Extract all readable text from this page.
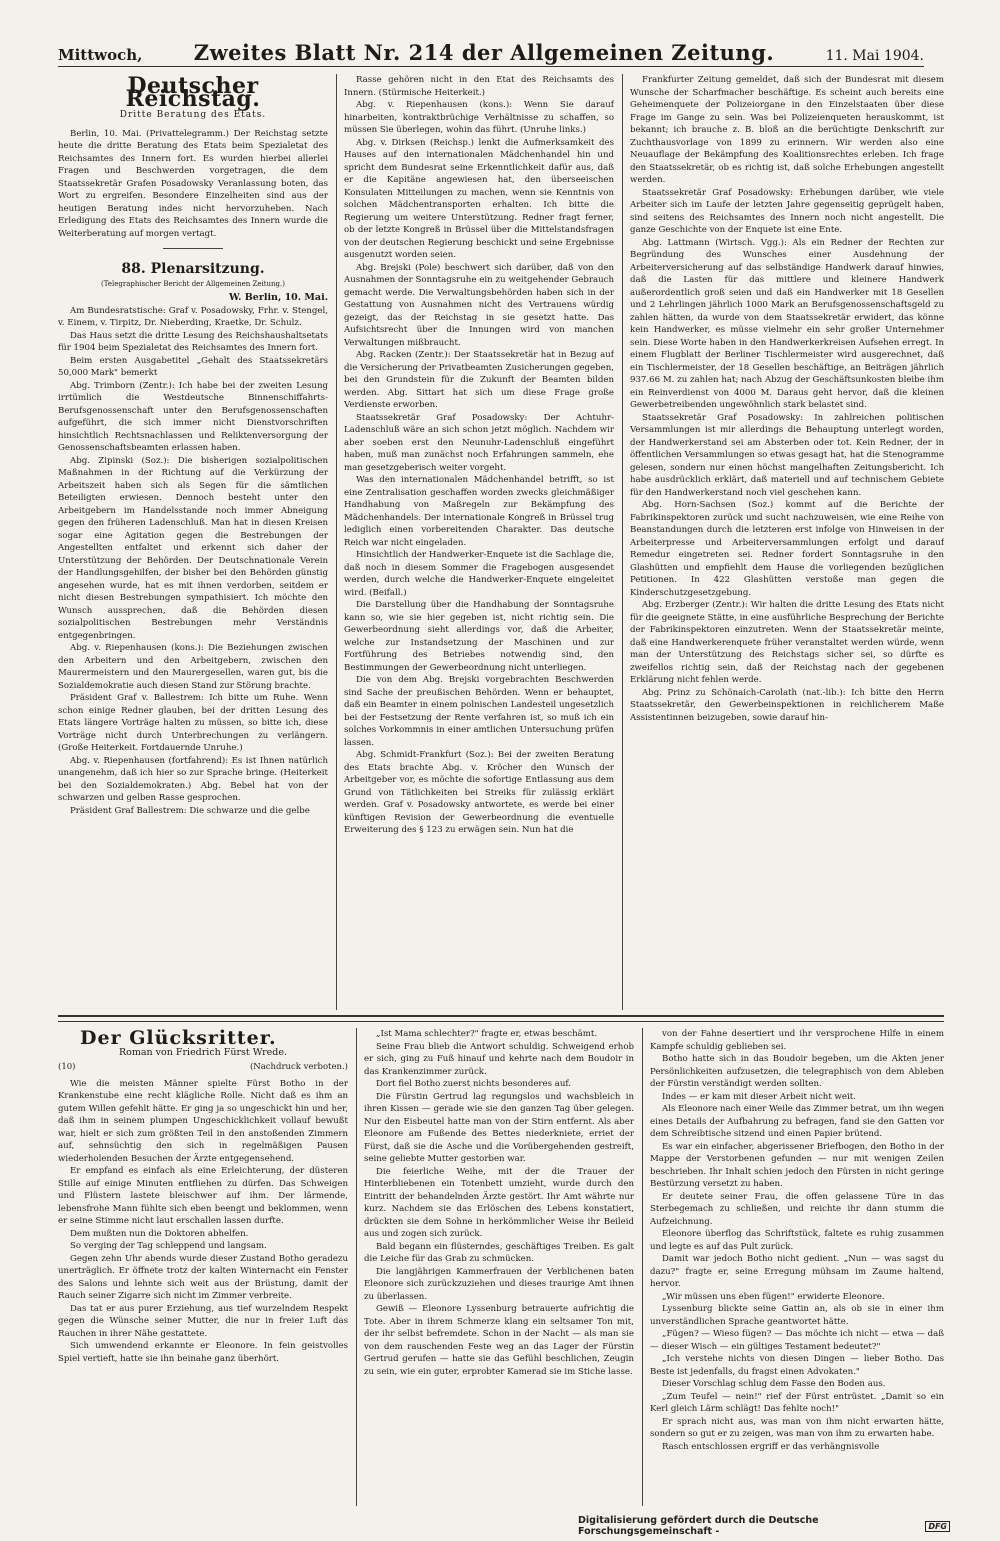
Mittwoch, Zweites Blatt Nr. 214 der Allgemeinen Zeitung.	11. Mai 1904.
Deutscher Reichstag.
Dritte Beratung des Etats.

Berlin, 10. Mai. (Privattelegramm.) Der Reichstag setzte heute die dritte Beratung des Etats beim Spezialetat des Reichsamtes des Innern fort. Es wurden hierbei allerlei Fragen und Beschwerden vorgetragen, die dem Staatssekretär Grafen Posadowsky Veranlassung boten, das Wort zu ergreifen. Besondere Einzelheiten sind aus der heutigen Beratung indes nicht hervorzuheben. Nach Erledigung des Etats des Reichsamtes des Innern wurde die Weiterberatung auf morgen vertagt.

88. Plenarsitzung.
(Telegraphischer Bericht der Allgemeinen Zeitung.)
W. Berlin, 10. Mai.

Am Bundesratstische: Graf v. Posadowsky, Frhr. v. Stengel, v. Einem, v. Tirpitz, Dr. Nieberding, Kraetke, Dr. Schulz.

Das Haus setzt die dritte Lesung des Reichshaushaltsetats für 1904 beim Spezialetat des Reichsamtes des Innern fort.

Beim ersten Ausgabetitel „Gehalt des Staatssekretärs 50,000 Mark" bemerkt

Abg. Trimborn (Zentr.): Ich habe bei der zweiten Lesung irrtümlich die Westdeutsche Binnenschiffahrts-Berufsgenossenschaft unter den Berufsgenossenschaften aufgeführt, die sich immer nicht Dienstvorschriften hinsichtlich Rechtsnachlassen und Reliktenversorgung der Genossenschaftsbeamten erlassen haben.

Abg. Zipinski (Soz.): Die bisherigen sozialpolitischen Maßnahmen in der Richtung auf die Verkürzung der Arbeitszeit haben sich als Segen für die sämtlichen Beteiligten erwiesen. Dennoch besteht unter den Arbeitgebern im Handelsstande noch immer Abneigung gegen den früheren Ladenschluß. Man hat in diesen Kreisen sogar eine Agitation gegen die Bestrebungen der Angestellten entfaltet und erkennt sich daher der Unterstützung der Behörden. Der Deutschnationale Verein der Handlungsgehilfen, der bisher bei den Behörden günstig angesehen wurde, hat es mit ihnen verdorben, seitdem er nicht diesen Bestrebungen sympathisiert. Ich möchte den Wunsch aussprechen, daß die Behörden diesen sozialpolitischen Bestrebungen mehr Verständnis entgegenbringen.

Abg. v. Riepenhausen (kons.): Die Beziehungen zwischen den Arbeitern und den Arbeitgebern, zwischen den Maurermeistern und den Maurergesellen, waren gut, bis die Sozialdemokratie auch diesen Stand zur Störung brachte.

Präsident Graf v. Ballestrem: Ich bitte um Ruhe. Wenn schon einige Redner glauben, bei der dritten Lesung des Etats längere Vorträge halten zu müssen, so bitte ich, diese Vorträge nicht durch Unterbrechungen zu verlängern. (Große Heiterkeit. Fortdauernde Unruhe.)

Abg. v. Riepenhausen (fortfahrend): Es ist Ihnen natürlich unangenehm, daß ich hier so zur Sprache bringe. (Heiterkeit bei den Sozialdemokraten.) Abg. Bebel hat von der schwarzen und gelben Rasse gesprochen.

Präsident Graf Ballestrem: Die schwarze und die gelbe

Rasse gehören nicht in den Etat des Reichsamts des Innern. (Stürmische Heiterkeit.)

Abg. v. Riepenhausen (kons.): Wenn Sie darauf hinarbeiten, kontraktbrüchige Verhältnisse zu schaffen, so müssen Sie überlegen, wohin das führt. (Unruhe links.)

Abg. v. Dirksen (Reichsp.) lenkt die Aufmerksamkeit des Hauses auf den internationalen Mädchenhandel hin und spricht dem Bundesrat seine Erkenntlichkeit dafür aus, daß er die Kapitäne angewiesen hat, den überseeischen Konsulaten Mitteilungen zu machen, wenn sie Kenntnis von solchen Mädchentransporten erhalten. Ich bitte die Regierung um weitere Unterstützung. Redner fragt ferner, ob der letzte Kongreß in Brüssel über die Mittelstandsfragen von der deutschen Regierung beschickt und seine Ergebnisse ausgenutzt worden seien.

Abg. Brejski (Pole) beschwert sich darüber, daß von den Ausnahmen der Sonntagsruhe ein zu weitgehender Gebrauch gemacht werde. Die Verwaltungsbehörden haben sich in der Gestattung von Ausnahmen nicht des Vertrauens würdig gezeigt, das der Reichstag in sie gesetzt hatte. Das Aufsichtsrecht über die Innungen wird von manchen Verwaltungen mißbraucht.

Abg. Racken (Zentr.): Der Staatssekretär hat in Bezug auf die Versicherung der Privatbeamten Zusicherungen gegeben, bei den Grundstein für die Zukunft der Beamten bilden werden. Abg. Sittart hat sich um diese Frage große Verdienste erworben.

Staatssekretär Graf Posadowsky: Der Achtuhr-Ladenschluß wäre an sich schon jetzt möglich. Nachdem wir aber soeben erst den Neunuhr-Ladenschluß eingeführt haben, muß man zunächst noch Erfahrungen sammeln, ehe man gesetzgeberisch weiter vorgeht.

Was den internationalen Mädchenhandel betrifft, so ist eine Zentralisation geschaffen worden zwecks gleichmäßiger Handhabung von Maßregeln zur Bekämpfung des Mädchenhandels. Der internationale Kongreß in Brüssel trug lediglich einen vorbereitenden Charakter. Das deutsche Reich war nicht eingeladen.

Hinsichtlich der Handwerker-Enquete ist die Sachlage die, daß noch in diesem Sommer die Fragebogen ausgesendet werden, durch welche die Handwerker-Enquete eingeleitet wird. (Beifall.)

Die Darstellung über die Handhabung der Sonntagsruhe kann so, wie sie hier gegeben ist, nicht richtig sein. Die Gewerbeordnung sieht allerdings vor, daß die Arbeiter, welche zur Instandsetzung der Maschinen und zur Fortführung des Betriebes notwendig sind, den Bestimmungen der Gewerbeordnung nicht unterliegen.

Die von dem Abg. Brejski vorgebrachten Beschwerden sind Sache der preußischen Behörden. Wenn er behauptet, daß ein Beamter in einem polnischen Landesteil ungesetzlich bei der Festsetzung der Rente verfahren ist, so muß ich ein solches Vorkommnis in einer amtlichen Untersuchung prüfen lassen.

Abg. Schmidt-Frankfurt (Soz.): Bei der zweiten Beratung des Etats brachte Abg. v. Kröcher den Wunsch der Arbeitgeber vor, es möchte die sofortige Entlassung aus dem Grund von Tätlichkeiten bei Streiks für zulässig erklärt werden. Graf v. Posadowsky antwortete, es werde bei einer künftigen Revision der Gewerbeordnung die eventuelle Erweiterung des § 123 zu erwägen sein. Nun hat die

Frankfurter Zeitung gemeldet, daß sich der Bundesrat mit diesem Wunsche der Scharfmacher beschäftige. Es scheint auch bereits eine Geheimenquete der Polizeiorgane in den Einzelstaaten über diese Frage im Gange zu sein. Was bei Polizeienqueten herauskommt, ist bekannt; ich brauche z. B. bloß an die berüchtigte Denkschrift zur Zuchthausvorlage von 1899 zu erinnern. Wir werden also eine Neuauflage der Bekämpfung des Koalitionsrechtes erleben. Ich frage den Staatssekretär, ob es richtig ist, daß solche Erhebungen angestellt werden.

Staatssekretär Graf Posadowsky: Erhebungen darüber, wie viele Arbeiter sich im Laufe der letzten Jahre gegenseitig geprügelt haben, sind seitens des Reichsamtes des Innern noch nicht angestellt. Die ganze Geschichte von der Enquete ist eine Ente.

Abg. Lattmann (Wirtsch. Vgg.): Als ein Redner der Rechten zur Begründung des Wunsches einer Ausdehnung der Arbeiterversicherung auf das selbständige Handwerk darauf hinwies, daß die Lasten für das mittlere und kleinere Handwerk außerordentlich groß seien und daß ein Handwerker mit 18 Gesellen und 2 Lehrlingen jährlich 1000 Mark an Berufsgenossenschaftsgeld zu zahlen hätten, da wurde von dem Staatssekretär erwidert, das könne kein Handwerker, es müsse vielmehr ein sehr großer Unternehmer sein. Diese Worte haben in den Handwerkerkreisen Aufsehen erregt. In einem Flugblatt der Berliner Tischlermeister wird ausgerechnet, daß ein Tischlermeister, der 18 Gesellen beschäftige, an Beiträgen jährlich 937.66 M. zu zahlen hat; nach Abzug der Geschäftsunkosten bleibe ihm ein Reinverdienst von 4000 M. Daraus geht hervor, daß die kleinen Gewerbetreibenden ungewöhnlich stark belastet sind.

Staatssekretär Graf Posadowsky: In zahlreichen politischen Versammlungen ist mir allerdings die Behauptung unterlegt worden, der Handwerkerstand sei am Absterben oder tot. Kein Redner, der in öffentlichen Versammlungen so etwas gesagt hat, hat die Stenogramme gelesen, sondern nur einen höchst mangelhaften Zeitungsbericht. Ich habe ausdrücklich erklärt, daß materiell und auf technischem Gebiete für den Handwerkerstand noch viel geschehen kann.

Abg. Horn-Sachsen (Soz.) kommt auf die Berichte der Fabrikinspektoren zurück und sucht nachzuweisen, wie eine Reihe von Beanstandungen durch die letzteren erst infolge von Hinweisen in der Arbeiterpresse und Arbeiterversammlungen erfolgt und darauf Remedur eingetreten sei. Redner fordert Sonntagsruhe in den Glashütten und empfiehlt dem Hause die vorliegenden bezüglichen Petitionen. In 422 Glashütten verstoße man gegen die Kinderschutzgesetzgebung.

Abg. Erzberger (Zentr.): Wir halten die dritte Lesung des Etats nicht für die geeignete Stätte, in eine ausführliche Besprechung der Berichte der Fabrikinspektoren einzutreten. Wenn der Staatssekretär meinte, daß eine Handwerkerenquete früher veranstaltet werden würde, wenn man der Unterstützung des Reichstags sicher sei, so dürfte es zweifellos richtig sein, daß der Reichstag nach der gegebenen Erklärung nicht fehlen werde.

Abg. Prinz zu Schönaich-Carolath (nat.-lib.): Ich bitte den Herrn Staatssekretär, den Gewerbeinspektionen in reichlicherem Maße Assistentinnen beizugeben, sowie darauf hin-

Der Glücksritter.
Roman von Friedrich Fürst Wrede.
(10)	(Nachdruck verboten.)

Wie die meisten Männer spielte Fürst Botho in der Krankenstube eine recht klägliche Rolle. Nicht daß es ihm an gutem Willen gefehlt hätte. Er ging ja so ungeschickt hin und her, daß ihm in seinem plumpen Ungeschicklichkeit vollauf bewußt war, hielt er sich zum größten Teil in den anstoßenden Zimmern auf, sehnsüchtig den sich in regelmäßigen Pausen wiederholenden Besuchen der Ärzte entgegensehend.

Er empfand es einfach als eine Erleichterung, der düsteren Stille auf einige Minuten entfliehen zu dürfen. Das Schweigen und Flüstern lastete bleischwer auf ihm. Der lärmende, lebensfrohe Mann fühlte sich eben beengt und beklommen, wenn er seine Stimme nicht laut erschallen lassen durfte.

Dem mußten nun die Doktoren abhelfen.

So verging der Tag schleppend und langsam.

Gegen zehn Uhr abends wurde dieser Zustand Botho geradezu unerträglich. Er öffnete trotz der kalten Winternacht ein Fenster des Salons und lehnte sich weit aus der Brüstung, damit der Rauch seiner Zigarre sich nicht im Zimmer verbreite.

Das tat er aus purer Erziehung, aus tief wurzelndem Respekt gegen die Wünsche seiner Mutter, die nur in freier Luft das Rauchen in ihrer Nähe gestattete.

Sich umwendend erkannte er Eleonore. In fein geistvolles Spiel vertieft, hatte sie ihn beinahe ganz überhört.

„Ist Mama schlechter?" fragte er, etwas beschämt.

Seine Frau blieb die Antwort schuldig. Schweigend erhob er sich, ging zu Fuß hinauf und kehrte nach dem Boudoir in das Krankenzimmer zurück.

Dort fiel Botho zuerst nichts besonderes auf.

Die Fürstin Gertrud lag regungslos und wachsbleich in ihren Kissen — gerade wie sie den ganzen Tag über gelegen. Nur den Eisbeutel hatte man von der Stirn entfernt. Als aber Eleonore am Fußende des Bettes niederkniete, erriet der Fürst, daß sie die Asche und die Vorübergehenden gestreift, seine geliebte Mutter gestorben war.

Die feierliche Weihe, mit der die Trauer der Hinterbliebenen ein Totenbett umzieht, wurde durch den Eintritt der behandelnden Ärzte gestört. Ihr Amt währte nur kurz. Nachdem sie das Erlöschen des Lebens konstatiert, drückten sie dem Sohne in herkömmlicher Weise ihr Beileid aus und zogen sich zurück.

Bald begann ein flüsterndes, geschäftiges Treiben. Es galt die Leiche für das Grab zu schmücken.

Die langjährigen Kammerfrauen der Verblichenen baten Eleonore sich zurückzuziehen und dieses traurige Amt ihnen zu überlassen.

Gewiß — Eleonore Lyssenburg betrauerte aufrichtig die Tote. Aber in ihrem Schmerze klang ein seltsamer Ton mit, der ihr selbst befremdete. Schon in der Nacht — als man sie von dem rauschenden Feste weg an das Lager der Fürstin Gertrud gerufen — hatte sie das Gefühl beschlichen, Zeugin zu sein, wie ein guter, erprobter Kamerad sie im Stiche lasse.

von der Fahne desertiert und ihr versprochene Hilfe in einem Kampfe schuldig geblieben sei.

Botho hatte sich in das Boudoir begeben, um die Akten jener Persönlichkeiten aufzusetzen, die telegraphisch von dem Ableben der Fürstin verständigt werden sollten.

Indes — er kam mit dieser Arbeit nicht weit.

Als Eleonore nach einer Weile das Zimmer betrat, um ihn wegen eines Details der Aufbahrung zu befragen, fand sie den Gatten vor dem Schreibtische sitzend und einen Papier brütend.

Es war ein einfacher, abgerissener Briefbogen, den Botho in der Mappe der Verstorbenen gefunden — nur mit wenigen Zeilen beschrieben. Ihr Inhalt schien jedoch den Fürsten in nicht geringe Bestürzung versetzt zu haben.

Er deutete seiner Frau, die offen gelassene Türe in das Sterbegemach zu schließen, und reichte ihr dann stumm die Aufzeichnung.

Eleonore überflog das Schriftstück, faltete es ruhig zusammen und legte es auf das Pult zurück.

Damit war jedoch Botho nicht gedient. „Nun — was sagst du dazu?" fragte er, seine Erregung mühsam im Zaume haltend, hervor.

„Wir müssen uns eben fügen!" erwiderte Eleonore.

Lyssenburg blickte seine Gattin an, als ob sie in einer ihm unverständlichen Sprache geantwortet hätte.

„Fügen? — Wieso fügen? — Das möchte ich nicht — etwa — daß — dieser Wisch — ein gültiges Testament bedeutet?"

„Ich verstehe nichts von diesen Dingen — lieber Botho. Das Beste ist jedenfalls, du fragst einen Advokaten."

Dieser Vorschlag schlug dem Fasse den Boden aus.

„Zum Teufel — nein!" rief der Fürst entrüstet. „Damit so ein Kerl gleich Lärm schlägt! Das fehlte noch!"

Er sprach nicht aus, was man von ihm nicht erwarten hätte, sondern so gut er zu zeigen, was man von ihm zu erwarten habe.

Rasch entschlossen ergriff er das verhängnisvolle

Digitalisierung gefördert durch die Deutsche Forschungsgemeinschaft -	DFG
